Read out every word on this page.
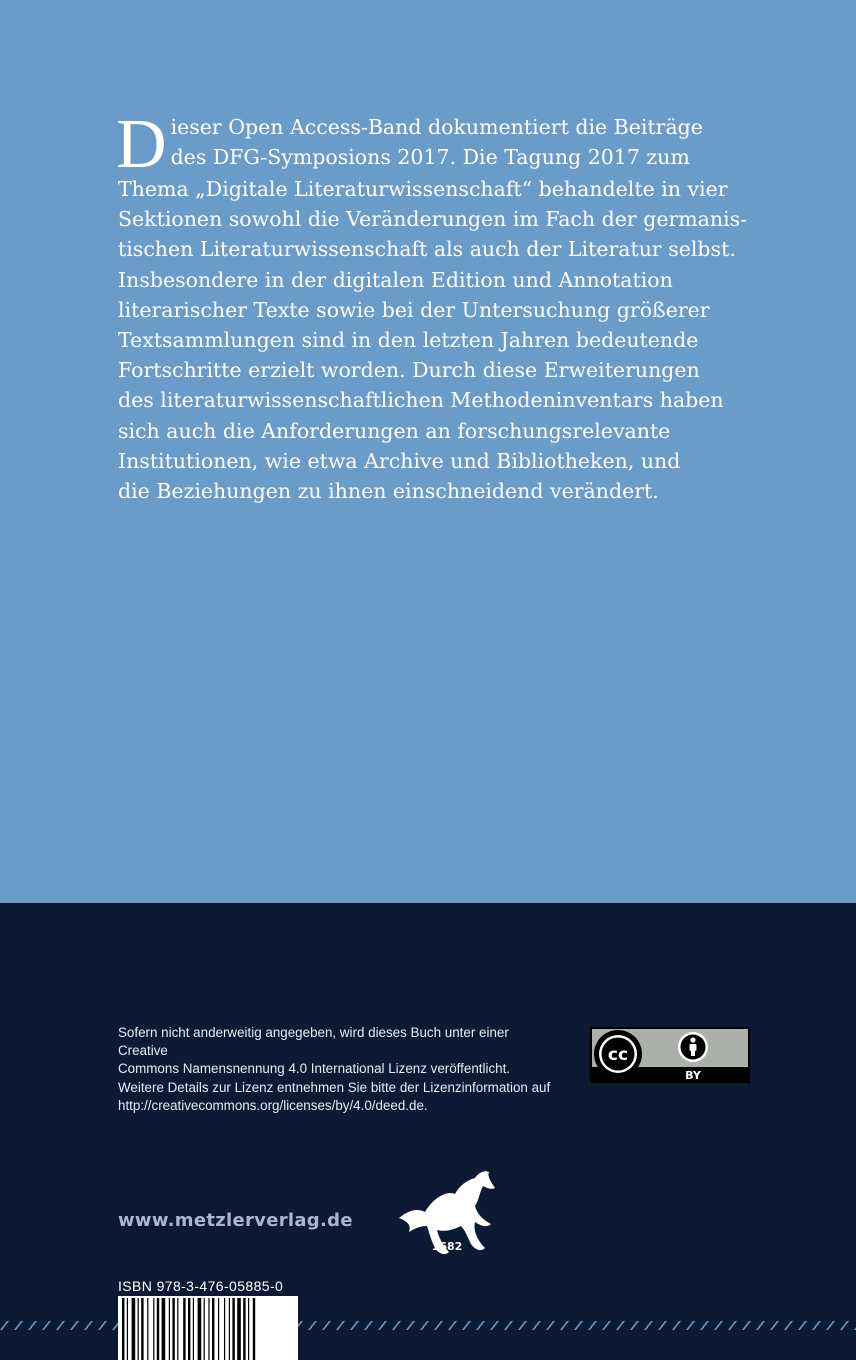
D ieser Open Access-Band dokumentiert die Beiträge
des DFG-Symposions 2017. Die Tagung 2017 zum
Thema „Digitale Literaturwissenschaft“ behandelte in vier
Sektionen sowohl die Veränderungen im Fach der germanis-
tischen Literaturwissenschaft als auch der Literatur selbst.
Insbesondere in der digitalen Edition und Annotation
literarischer Texte sowie bei der Untersuchung größerer
Textsammlungen sind in den letzten Jahren bedeutende
Fortschritte erzielt worden. Durch diese Erweiterungen
des literaturwissenschaftlichen Methodeninventars haben
sich auch die Anforderungen an forschungsrelevante
Institutionen, wie etwa Archive und Bibliotheken, und
die Beziehungen zu ihnen einschneidend verändert.
Sofern nicht anderweitig angegeben, wird dieses Buch unter einer Creative
Commons Namensnennung 4.0 International Lizenz veröffentlicht.
Weitere Details zur Lizenz entnehmen Sie bitte der Lizenzinformation auf
http://creativecommons.org/licenses/by/4.0/deed.de.
cc
BY
www.metzlerverlag.de
1682
ISBN 978-3-476-05885-0
